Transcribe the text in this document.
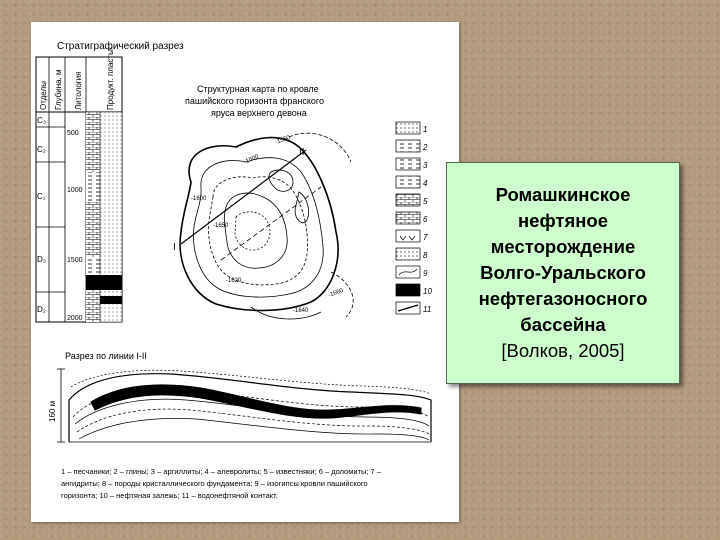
Стратиграфический разрез
Отделы Глубина, м Литология	Продукт. пласты
C₃
C₂
C₁
D₃
D₂
500
1000
1500
2000
Структурная карта по кровле
пашийского горизонта франского
яруса верхнего девона
I
II
-1500
-1550
-1600
-1650
-1620
-1660
-1640
1
2
3
4
5
6
7
8
9
10
11
Разрез по линии I-II
160 м
1 – песчаники; 2 – глины; 3 – аргиллиты; 4 – алевролиты; 5 – известняки; 6 – доломиты; 7 –
ангидриты; 8 – породы кристаллического фундамента; 9 – изогипсы кровли пашийского
горизонта; 10 – нефтяная залежь; 11 – водонефтяной контакт.
Ромашкинское
нефтяное
месторождение
Волго-Уральского
нефтегазоносного
бассейна
[Волков, 2005]
